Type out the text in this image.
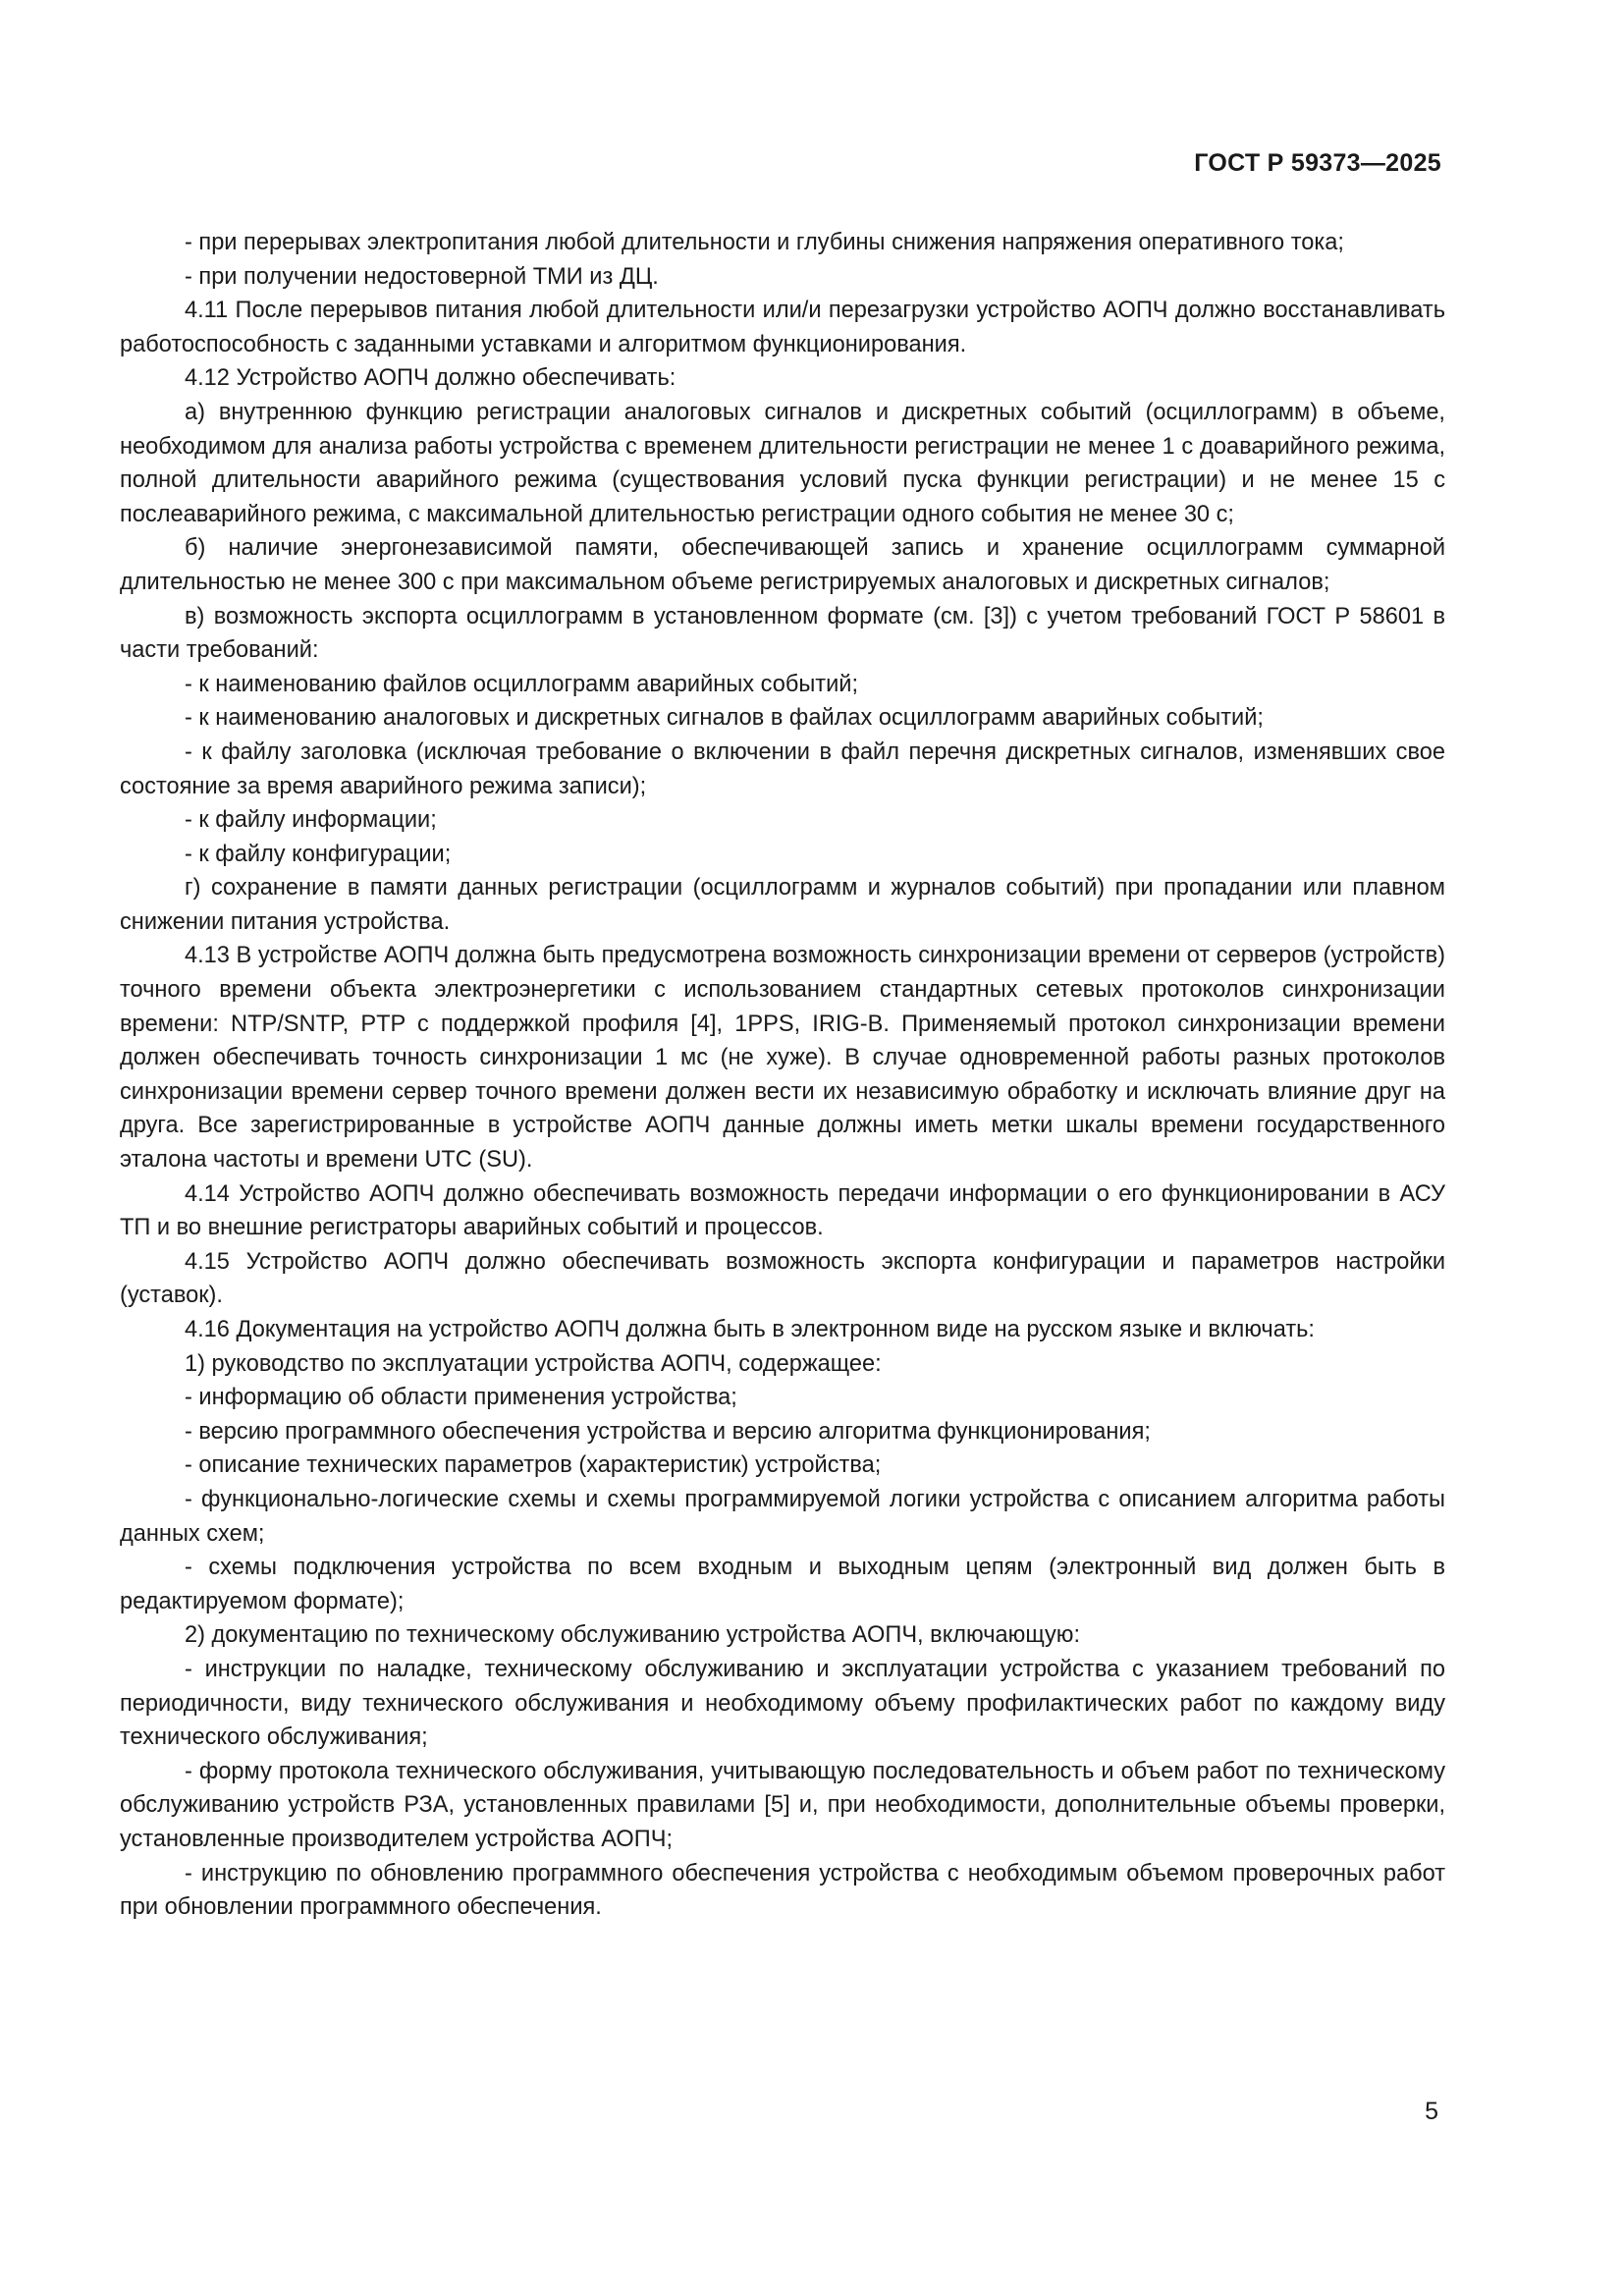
ГОСТ Р 59373—2025

- при перерывах электропитания любой длительности и глубины снижения напряжения оперативного тока;

- при получении недостоверной ТМИ из ДЦ.

4.11 После перерывов питания любой длительности или/и перезагрузки устройство АОПЧ должно восстанавливать работоспособность с заданными уставками и алгоритмом функционирования.

4.12 Устройство АОПЧ должно обеспечивать:

а) внутреннюю функцию регистрации аналоговых сигналов и дискретных событий (осциллограмм) в объеме, необходимом для анализа работы устройства с временем длительности регистрации не менее 1 с доаварийного режима, полной длительности аварийного режима (существования условий пуска функции регистрации) и не менее 15 с послеаварийного режима, с максимальной длительностью регистрации одного события не менее 30 с;

б) наличие энергонезависимой памяти, обеспечивающей запись и хранение осциллограмм суммарной длительностью не менее 300 с при максимальном объеме регистрируемых аналоговых и дискретных сигналов;

в) возможность экспорта осциллограмм в установленном формате (см. [3]) с учетом требований ГОСТ Р 58601 в части требований:

- к наименованию файлов осциллограмм аварийных событий;

- к наименованию аналоговых и дискретных сигналов в файлах осциллограмм аварийных событий;

- к файлу заголовка (исключая требование о включении в файл перечня дискретных сигналов, изменявших свое состояние за время аварийного режима записи);

- к файлу информации;

- к файлу конфигурации;

г) сохранение в памяти данных регистрации (осциллограмм и журналов событий) при пропадании или плавном снижении питания устройства.

4.13 В устройстве АОПЧ должна быть предусмотрена возможность синхронизации времени от серверов (устройств) точного времени объекта электроэнергетики с использованием стандартных сетевых протоколов синхронизации времени: NTP/SNTP, PTP с поддержкой профиля [4], 1PPS, IRIG-B. Применяемый протокол синхронизации времени должен обеспечивать точность синхронизации 1 мс (не хуже). В случае одновременной работы разных протоколов синхронизации времени сервер точного времени должен вести их независимую обработку и исключать влияние друг на друга. Все зарегистрированные в устройстве АОПЧ данные должны иметь метки шкалы времени государственного эталона частоты и времени UTC (SU).

4.14 Устройство АОПЧ должно обеспечивать возможность передачи информации о его функционировании в АСУ ТП и во внешние регистраторы аварийных событий и процессов.

4.15 Устройство АОПЧ должно обеспечивать возможность экспорта конфигурации и параметров настройки (уставок).

4.16 Документация на устройство АОПЧ должна быть в электронном виде на русском языке и включать:

1) руководство по эксплуатации устройства АОПЧ, содержащее:

- информацию об области применения устройства;

- версию программного обеспечения устройства и версию алгоритма функционирования;

- описание технических параметров (характеристик) устройства;

- функционально-логические схемы и схемы программируемой логики устройства с описанием алгоритма работы данных схем;

- схемы подключения устройства по всем входным и выходным цепям (электронный вид должен быть в редактируемом формате);

2) документацию по техническому обслуживанию устройства АОПЧ, включающую:

- инструкции по наладке, техническому обслуживанию и эксплуатации устройства с указанием требований по периодичности, виду технического обслуживания и необходимому объему профилактических работ по каждому виду технического обслуживания;

- форму протокола технического обслуживания, учитывающую последовательность и объем работ по техническому обслуживанию устройств РЗА, установленных правилами [5] и, при необходимости, дополнительные объемы проверки, установленные производителем устройства АОПЧ;

- инструкцию по обновлению программного обеспечения устройства с необходимым объемом проверочных работ при обновлении программного обеспечения.

5
